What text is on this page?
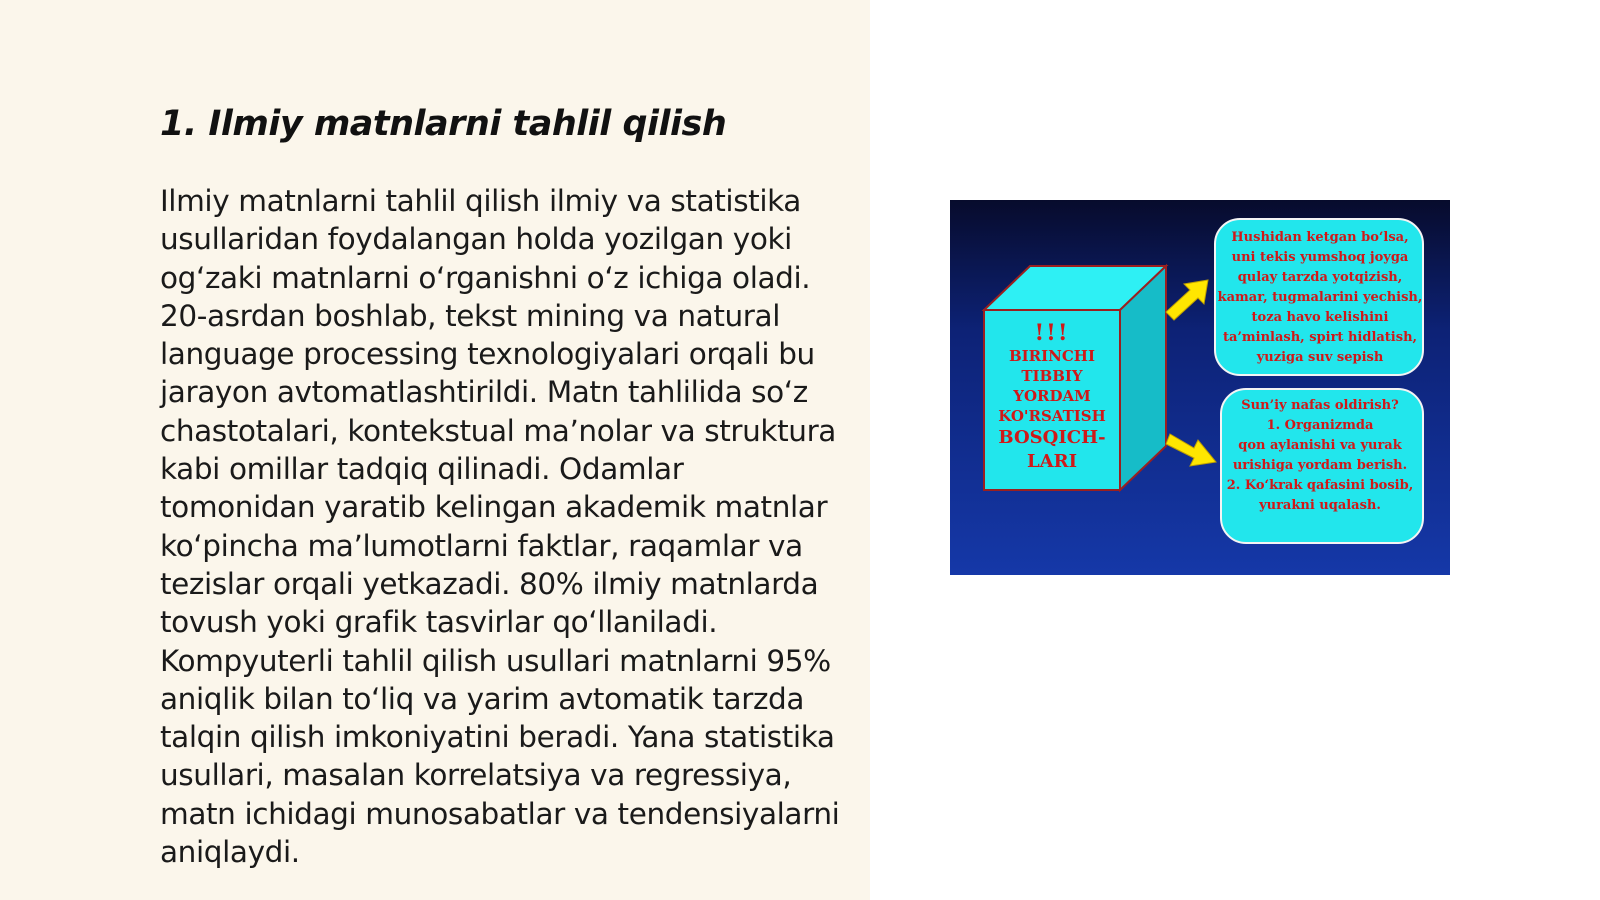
1. Ilmiy matnlarni tahlil qilish

Ilmiy matnlarni tahlil qilish ilmiy va statistika usullaridan foydalangan holda yozilgan yoki og‘zaki matnlarni o‘rganishni o‘z ichiga oladi. 20-asrdan boshlab, tekst mining va natural language processing texnologiyalari orqali bu jarayon avtomatlashtirildi. Matn tahlilida so‘z chastotalari, kontekstual ma’nolar va struktura kabi omillar tadqiq qilinadi. Odamlar tomonidan yaratib kelingan akademik matnlar ko‘pincha ma’lumotlarni faktlar, raqamlar va tezislar orqali yetkazadi. 80% ilmiy matnlarda tovush yoki grafik tasvirlar qo‘llaniladi. Kompyuterli tahlil qilish usullari matnlarni 95% aniqlik bilan to‘liq va yarim avtomatik tarzda talqin qilish imkoniyatini beradi. Yana statistika usullari, masalan korrelatsiya va regressiya, matn ichidagi munosabatlar va tendensiyalarni aniqlaydi.

!!!
BIRINCHI
TIBBIY
YORDAM
KO'RSATISH
BOSQICH-
LARI
Hushidan ketgan bo‘lsa,
uni tekis yumshoq joyga
qulay tarzda yotqizish,
kamar, tugmalarini yechish,
toza havo kelishini
ta’minlash, spirt hidlatish,
yuziga suv sepish
Sun’iy nafas oldirish?
1. Organizmda
qon aylanishi va yurak
urishiga yordam berish.
2. Ko‘krak qafasini bosib,
yurakni uqalash.
